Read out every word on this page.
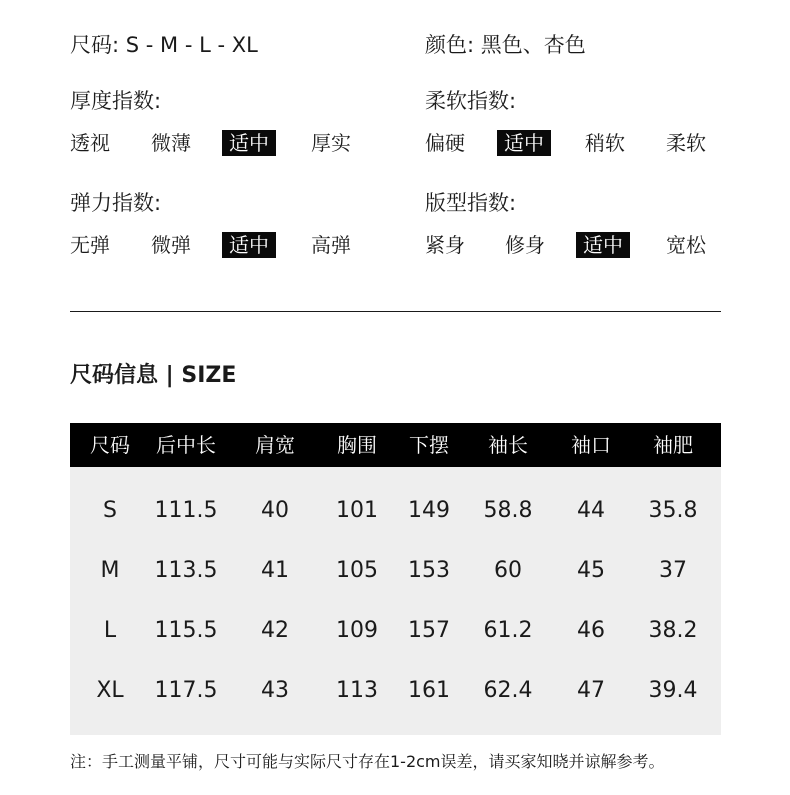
尺码: S - M - L - XL	颜色: 黑色、杏色
厚度指数:
透视 微薄	适中	厚实
柔软指数:
偏硬	适中	稍软 柔软
弹力指数:
无弹 微弹	适中	高弹
版型指数:
紧身 修身	适中	宽松
尺码信息 | SIZE
尺码	后中长	肩宽	胸围	下摆	袖长	袖口	袖肥
S	111.5	40	101	149	58.8	44	35.8
M	113.5	41	105	153	60	45	37
L	115.5	42	109	157	61.2	46	38.2
XL	117.5	43	113	161	62.4	47	39.4
注：手工测量平铺，尺寸可能与实际尺寸存在1-2cm误差，请买家知晓并谅解参考。
